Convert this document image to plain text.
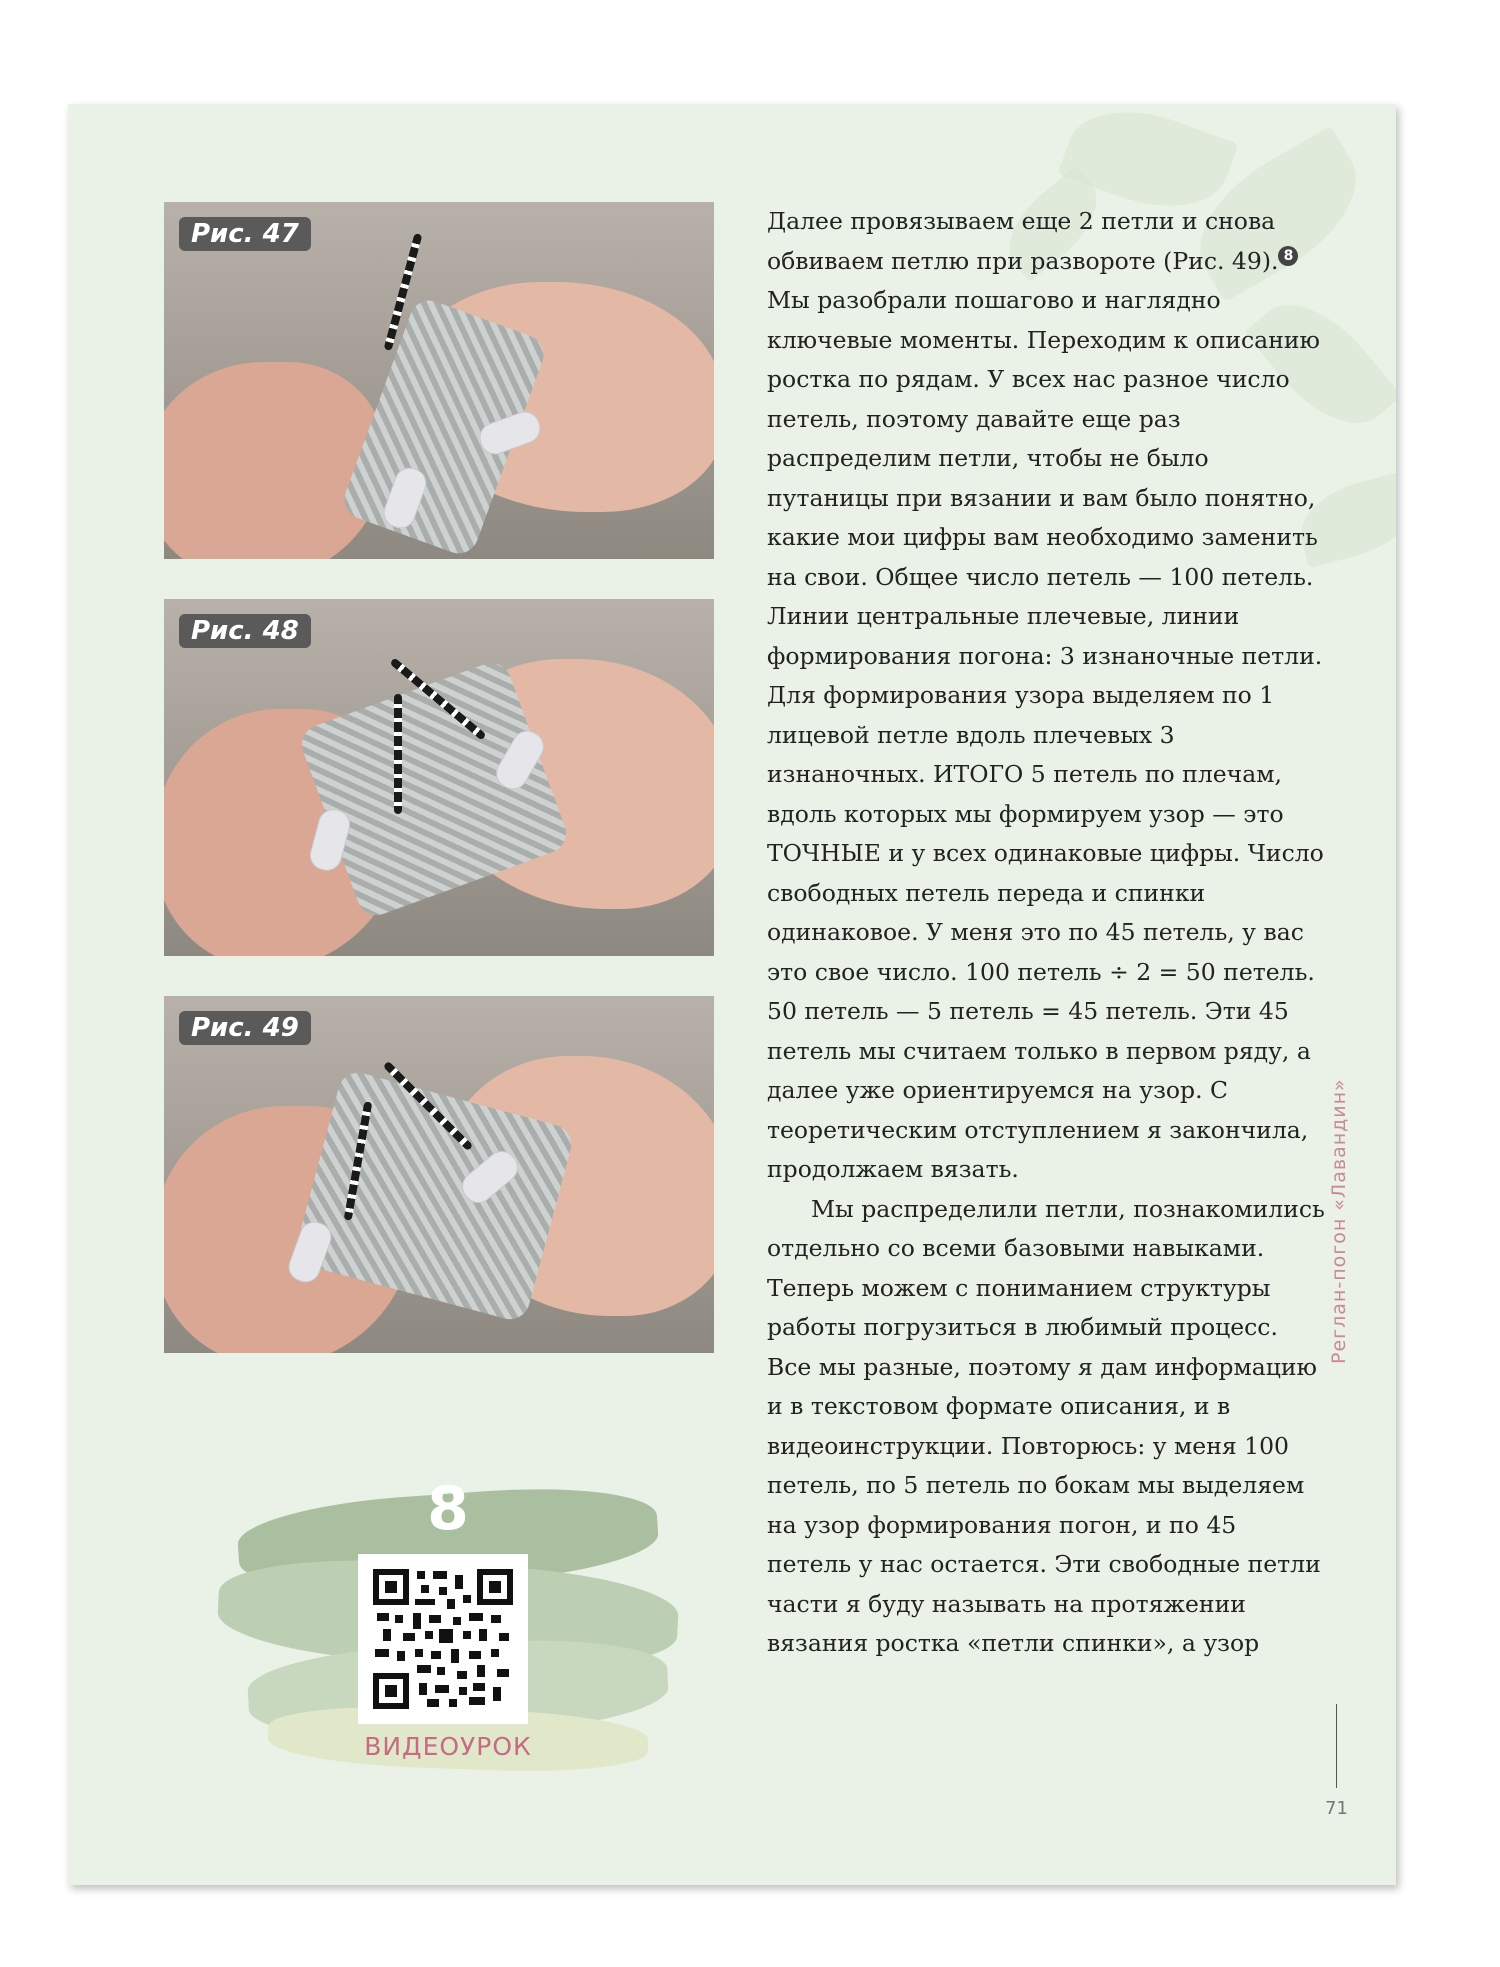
Рис. 47
Рис. 48
Рис. 49
8
ВИДЕОУРОК

Далее провязываем еще 2 петли и снова обвиваем петлю при развороте (Рис. 49). 8

Мы разобрали пошагово и наглядно ключевые моменты. Переходим к описанию ростка по рядам. У всех нас разное число петель, поэтому давайте еще раз распределим петли, чтобы не было путаницы при вязании и вам было понятно, какие мои цифры вам необходимо заменить на свои. Общее число петель — 100 петель. Линии центральные плечевые, линии формирования погона: 3 изнаночные петли. Для формирования узора выделяем по 1 лицевой петле вдоль плечевых 3 изнаночных. ИТОГО 5 петель по плечам, вдоль которых мы формируем узор — это ТОЧНЫЕ и у всех одинаковые цифры. Число свободных петель переда и спинки одинаковое. У меня это по 45 петель, у вас это свое число. 100 петель ÷ 2 = 50 петель. 50 петель — 5 петель = 45 петель. Эти 45 петель мы считаем только в первом ряду, а далее уже ориентируемся на узор. С теоретическим отступлением я закончила, продолжаем вязать.

Мы распределили петли, познакомились отдельно со всеми базовыми навыками. Теперь можем с пониманием структуры работы погрузиться в любимый процесс. Все мы разные, поэтому я дам информацию и в текстовом формате описания, и в видеоинструкции. Повторюсь: у меня 100 петель, по 5 петель по бокам мы выделяем на узор формирования погон, и по 45 петель у нас остается. Эти свободные петли части я буду называть на протяжении вязания ростка «петли спинки», а узор

Реглан-погон «Лавандин»
71
